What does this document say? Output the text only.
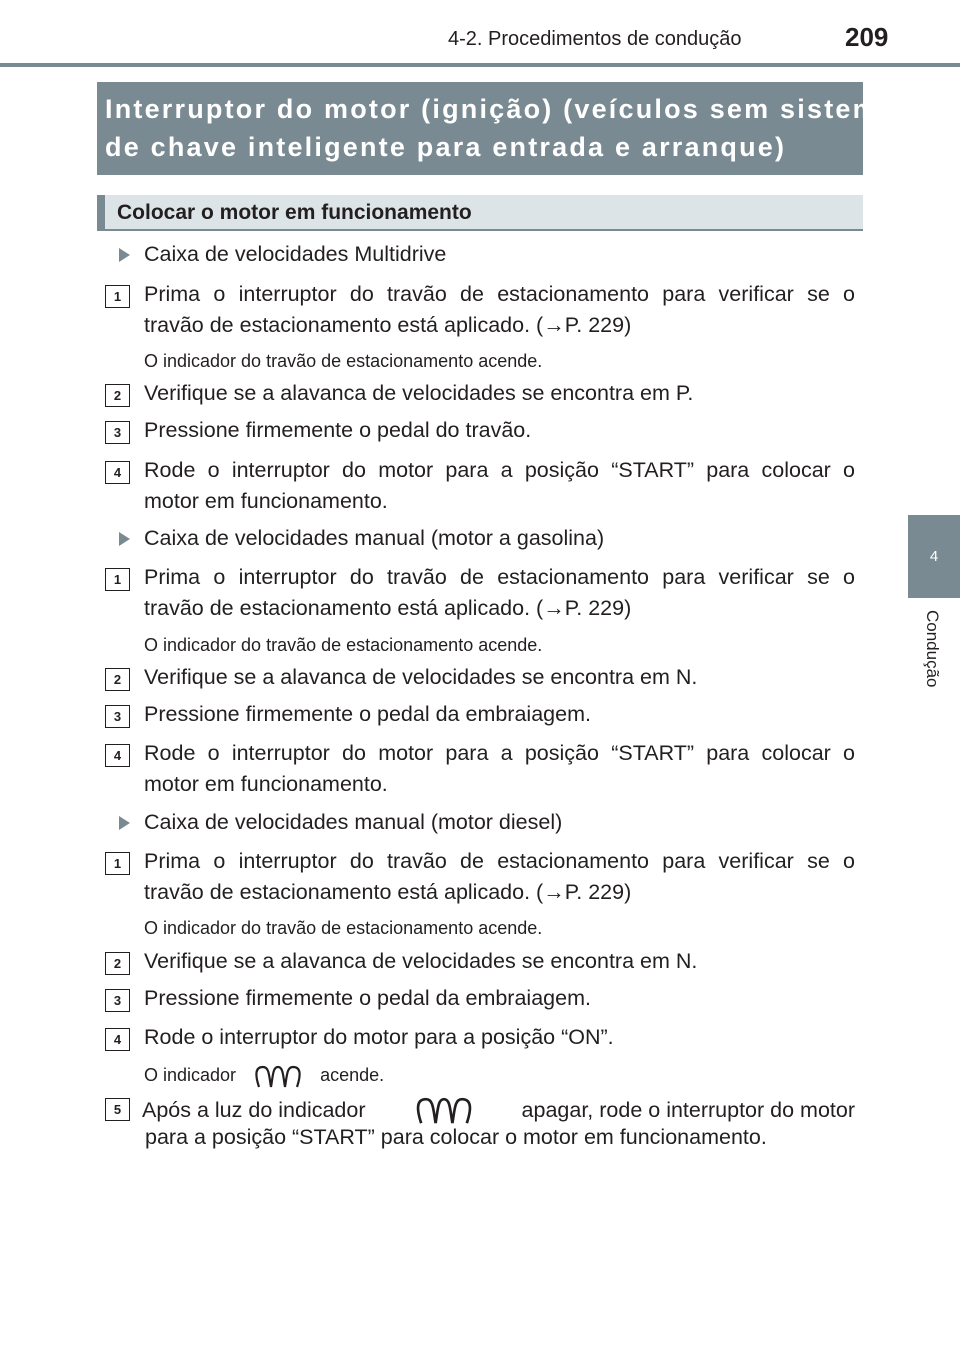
4-2. Procedimentos de condução	209
4
Condução
Interruptor do motor (ignição) (veículos sem sistema
de chave inteligente para entrada e arranque)
Colocar o motor em funcionamento
Caixa de velocidades Multidrive
1	Prima o interruptor do travão de estacionamento para verificar se o
travão de estacionamento está aplicado. (→P. 229)
O indicador do travão de estacionamento acende.
2	Verifique se a alavanca de velocidades se encontra em P.
3	Pressione firmemente o pedal do travão.
4	Rode o interruptor do motor para a posição “START” para colocar o
motor em funcionamento.
Caixa de velocidades manual (motor a gasolina)
1	Prima o interruptor do travão de estacionamento para verificar se o
travão de estacionamento está aplicado. (→P. 229)
O indicador do travão de estacionamento acende.
2	Verifique se a alavanca de velocidades se encontra em N.
3	Pressione firmemente o pedal da embraiagem.
4	Rode o interruptor do motor para a posição “START” para colocar o
motor em funcionamento.
Caixa de velocidades manual (motor diesel)
1	Prima o interruptor do travão de estacionamento para verificar se o
travão de estacionamento está aplicado. (→P. 229)
O indicador do travão de estacionamento acende.
2	Verifique se a alavanca de velocidades se encontra em N.
3	Pressione firmemente o pedal da embraiagem.
4	Rode o interruptor do motor para a posição “ON”.
O indicador	acende.
5 Após a luz do indicador	apagar, rode o interruptor do motor
para a posição “START” para colocar o motor em funcionamento.
